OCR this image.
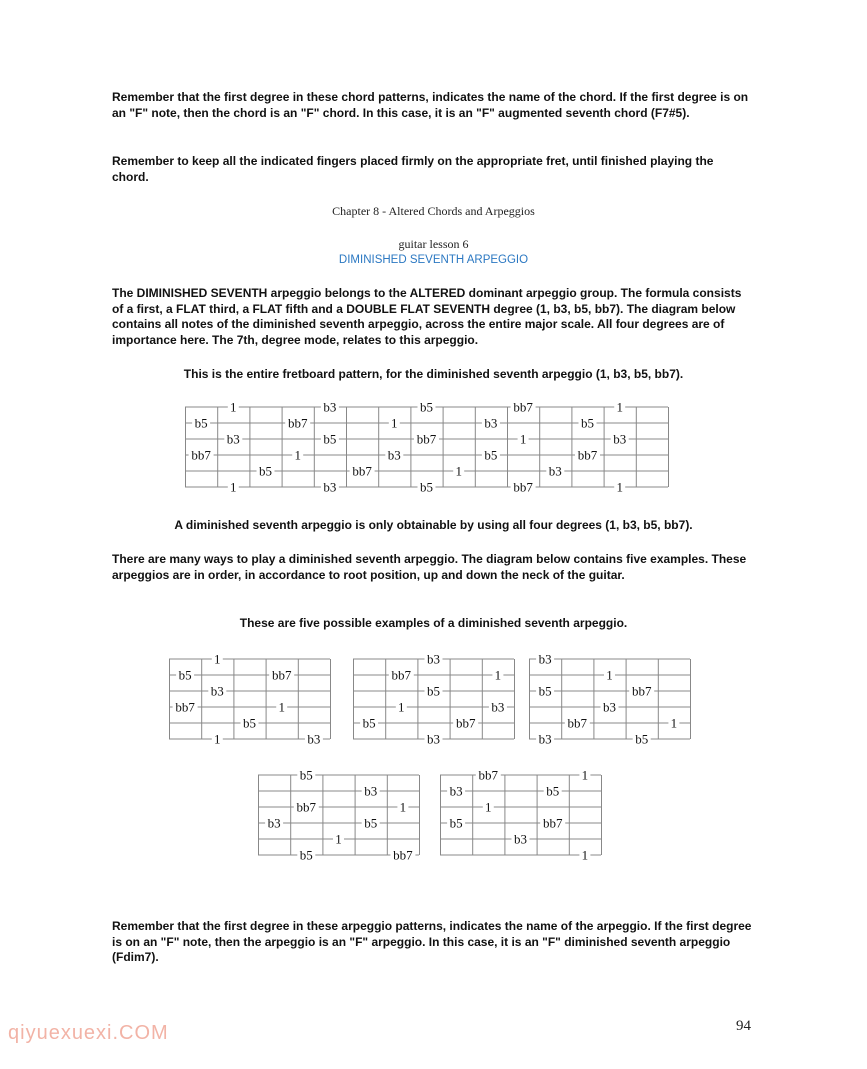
Remember that the first degree in these chord patterns, indicates the name of the chord. If the first degree is on an "F" note, then the chord is an "F" chord. In this case, it is an "F" augmented seventh chord (F7#5).

Remember to keep all the indicated fingers placed firmly on the appropriate fret, until finished playing the chord.

Chapter 8 - Altered Chords and Arpeggios

guitar lesson 6

DIMINISHED SEVENTH ARPEGGIO

The DIMINISHED SEVENTH arpeggio belongs to the ALTERED dominant arpeggio group. The formula consists of a first, a FLAT third, a FLAT fifth and a DOUBLE FLAT SEVENTH degree (1, b3, b5, bb7). The diagram below contains all notes of the diminished seventh arpeggio, across the entire major scale. All four degrees are of importance here. The 7th, degree mode, relates to this arpeggio.

This is the entire fretboard pattern, for the diminished seventh arpeggio (1, b3, b5, bb7).

1	b3	b5	bb7	1
b5	bb7	1	b3	b5
b3	b5	bb7	1	b3
bb7	1	b3	b5	bb7
b5	bb7	1	b3
1	b3	b5	bb7	1

A diminished seventh arpeggio is only obtainable by using all four degrees (1, b3, b5, bb7).

There are many ways to play a diminished seventh arpeggio. The diagram below contains five examples. These arpeggios are in order, in accordance to root position, up and down the neck of the guitar.

These are five possible examples of a diminished seventh arpeggio.

1
b5	bb7
b3
bb7	1
b5
1	b3
b3
bb7	1
b5
1	b3
b5	bb7
b3
b3
1
b5	bb7
b3
bb7	1
b3	b5
b5
b3
bb7	1
b3	b5
1
b5	bb7
bb7	1
b3	b5
1
b5	bb7
b3
1

Remember that the first degree in these arpeggio patterns, indicates the name of the arpeggio. If the first degree is on an "F" note, then the arpeggio is an "F" arpeggio. In this case, it is an "F" diminished seventh arpeggio (Fdim7).

qiyuexuexi.COM	94
